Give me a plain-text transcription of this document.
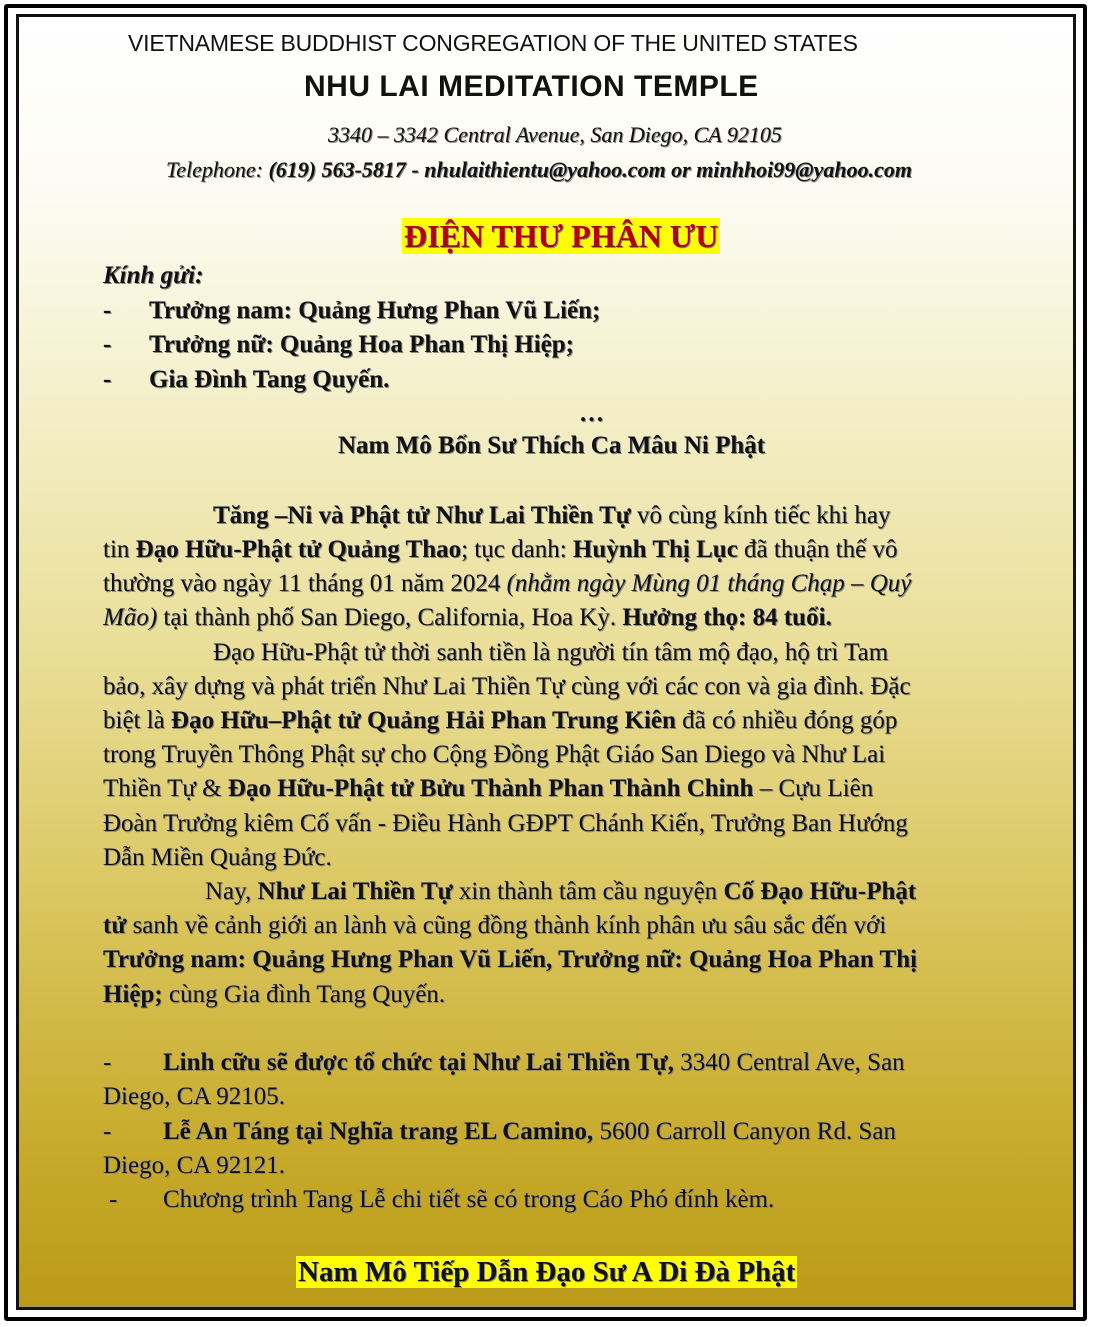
VIETNAMESE BUDDHIST CONGREGATION OF THE UNITED STATES
NHU LAI MEDITATION TEMPLE
3340 – 3342 Central Avenue, San Diego, CA 92105
Telephone: (619) 563-5817 - nhulaithientu@yahoo.com or minhhoi99@yahoo.com
ĐIỆN THƯ PHÂN ƯU
Kính gửi:
- Trưởng nam: Quảng Hưng Phan Vũ Liến;
- Trưởng nữ: Quảng Hoa Phan Thị Hiệp;
- Gia Đình Tang Quyến.
…
Nam Mô Bổn Sư Thích Ca Mâu Ni Phật
Tăng –Ni và Phật tử Như Lai Thiền Tự vô cùng kính tiếc khi hay
tin Đạo Hữu-Phật tử Quảng Thao; tục danh: Huỳnh Thị Lục đã thuận thế vô
thường vào ngày 11 tháng 01 năm 2024 (nhằm ngày Mùng 01 tháng Chạp – Quý
Mão) tại thành phố San Diego, California, Hoa Kỳ. Hưởng thọ: 84 tuổi.
Đạo Hữu-Phật tử thời sanh tiền là người tín tâm mộ đạo, hộ trì Tam
bảo, xây dựng và phát triển Như Lai Thiền Tự cùng với các con và gia đình. Đặc
biệt là Đạo Hữu–Phật tử Quảng Hải Phan Trung Kiên đã có nhiều đóng góp
trong Truyền Thông Phật sự cho Cộng Đồng Phật Giáo San Diego và Như Lai
Thiền Tự & Đạo Hữu-Phật tử Bửu Thành Phan Thành Chinh – Cựu Liên
Đoàn Trưởng kiêm Cố vấn - Điều Hành GĐPT Chánh Kiến, Trưởng Ban Hướng
Dẫn Miền Quảng Đức.
Nay, Như Lai Thiền Tự xin thành tâm cầu nguyện Cố Đạo Hữu-Phật
tử sanh về cảnh giới an lành và cũng đồng thành kính phân ưu sâu sắc đến với
Trưởng nam: Quảng Hưng Phan Vũ Liến, Trưởng nữ: Quảng Hoa Phan Thị
Hiệp; cùng Gia đình Tang Quyến.
- Linh cữu sẽ được tổ chức tại Như Lai Thiền Tự, 3340 Central Ave, San
Diego, CA 92105.
- Lễ An Táng tại Nghĩa trang EL Camino, 5600 Carroll Canyon Rd. San
Diego, CA 92121.
- Chương trình Tang Lễ chi tiết sẽ có trong Cáo Phó đính kèm.
Nam Mô Tiếp Dẫn Đạo Sư A Di Đà Phật
